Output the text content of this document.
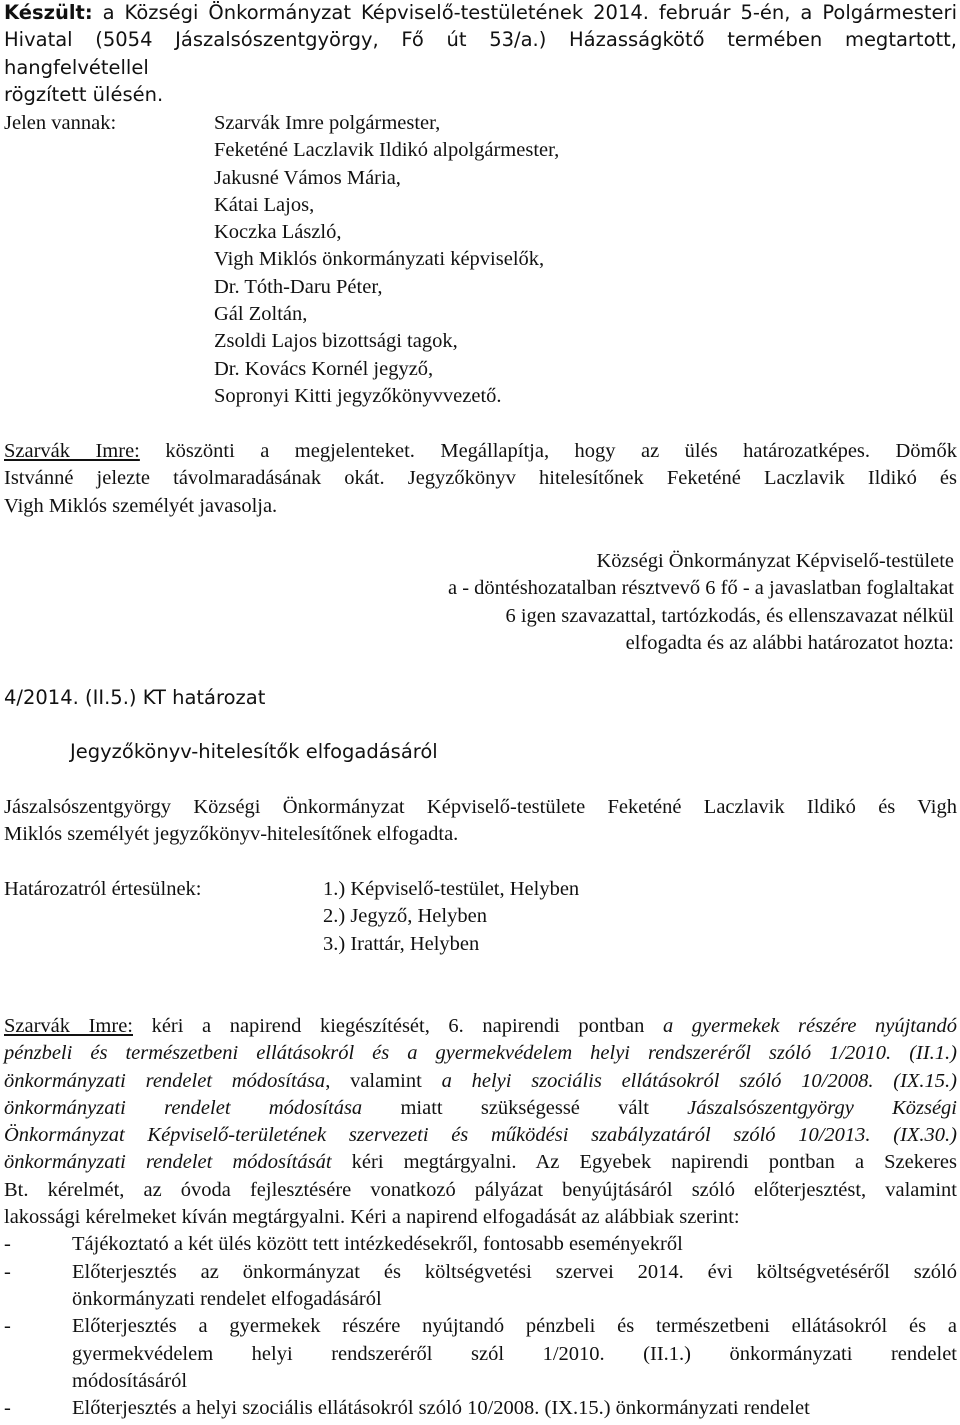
Készült: a Községi Önkormányzat Képviselő-testületének 2014. február 5-én, a Polgármesteri
Hivatal (5054 Jászalsószentgyörgy, Fő út 53/a.) Házasságkötő termében megtartott, hangfelvétellel
rögzített ülésén.
Jelen vannak:	Szarvák Imre polgármester,
Feketéné Laczlavik Ildikó alpolgármester,
Jakusné Vámos Mária,
Kátai Lajos,
Koczka László,
Vigh Miklós önkormányzati képviselők,
Dr. Tóth-Daru Péter,
Gál Zoltán,
Zsoldi Lajos bizottsági tagok,
Dr. Kovács Kornél jegyző,
Sopronyi Kitti jegyzőkönyvvezető.
Szarvák Imre: köszönti a megjelenteket. Megállapítja, hogy az ülés határozatképes. Dömők
Istvánné jelezte távolmaradásának okát. Jegyzőkönyv hitelesítőnek Feketéné Laczlavik Ildikó és
Vigh Miklós személyét javasolja.
Községi Önkormányzat Képviselő-testülete
a - döntéshozatalban résztvevő 6 fő - a javaslatban foglaltakat
6 igen szavazattal, tartózkodás, és ellenszavazat nélkül
elfogadta és az alábbi határozatot hozta:
4/2014. (II.5.) KT határozat
Jegyzőkönyv-hitelesítők elfogadásáról
Jászalsószentgyörgy Községi Önkormányzat Képviselő-testülete Feketéné Laczlavik Ildikó és Vigh
Miklós személyét jegyzőkönyv-hitelesítőnek elfogadta.
Határozatról értesülnek:	1.) Képviselő-testület, Helyben
2.) Jegyző, Helyben
3.) Irattár, Helyben
Szarvák Imre: kéri a napirend kiegészítését, 6. napirendi pontban a gyermekek részére nyújtandó
pénzbeli és természetbeni ellátásokról és a gyermekvédelem helyi rendszeréről szóló 1/2010. (II.1.)
önkormányzati rendelet módosítása, valamint a helyi szociális ellátásokról szóló 10/2008. (IX.15.)
önkormányzati rendelet módosítása miatt szükségessé vált Jászalsószentgyörgy Községi
Önkormányzat Képviselő-területének szervezeti és működési szabályzatáról szóló 10/2013. (IX.30.)
önkormányzati rendelet módosítását kéri megtárgyalni. Az Egyebek napirendi pontban a Szekeres
Bt. kérelmét, az óvoda fejlesztésére vonatkozó pályázat benyújtásáról szóló előterjesztést, valamint
lakossági kérelmeket kíván megtárgyalni. Kéri a napirend elfogadását az alábbiak szerint:
-	Tájékoztató a két ülés között tett intézkedésekről, fontosabb eseményekről
-	Előterjesztés az önkormányzat és költségvetési szervei 2014. évi költségvetéséről szóló
önkormányzati rendelet elfogadásáról
-	Előterjesztés a gyermekek részére nyújtandó pénzbeli és természetbeni ellátásokról és a
gyermekvédelem helyi rendszeréről szól 1/2010. (II.1.) önkormányzati rendelet
módosításáról
-	Előterjesztés a helyi szociális ellátásokról szóló 10/2008. (IX.15.) önkormányzati rendelet
